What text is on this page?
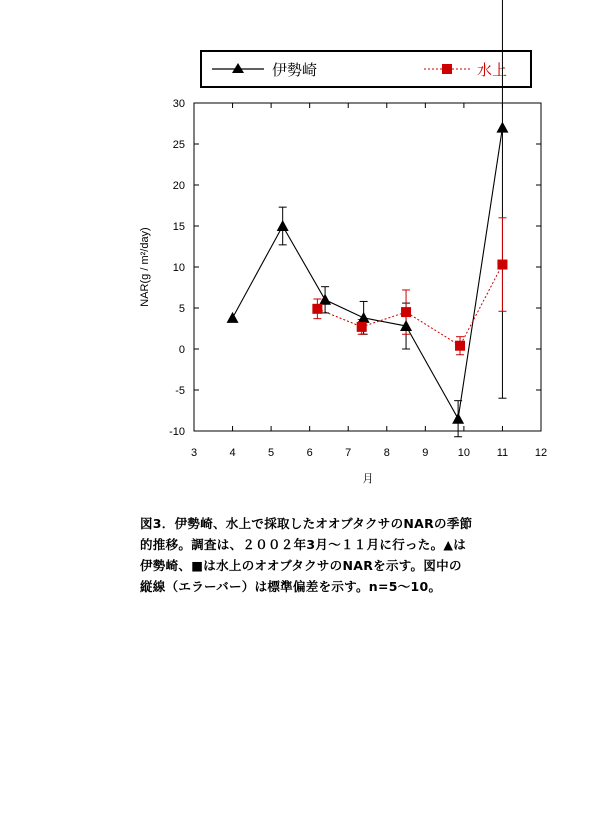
伊勢崎	水上
3	4	5	6	7	8	9	10 11 12
-10
-5
0
5
10
15
20
25
30
月
NAR(g / m²/day)

図3．伊勢崎、水上で採取したオオブタクサのNARの季節

的推移。調査は、２００２年3月～１１月に行った。▲は

伊勢崎、■は水上のオオブタクサのNARを示す。図中の

縦線（エラーバー）は標準偏差を示す。n=5～10。
